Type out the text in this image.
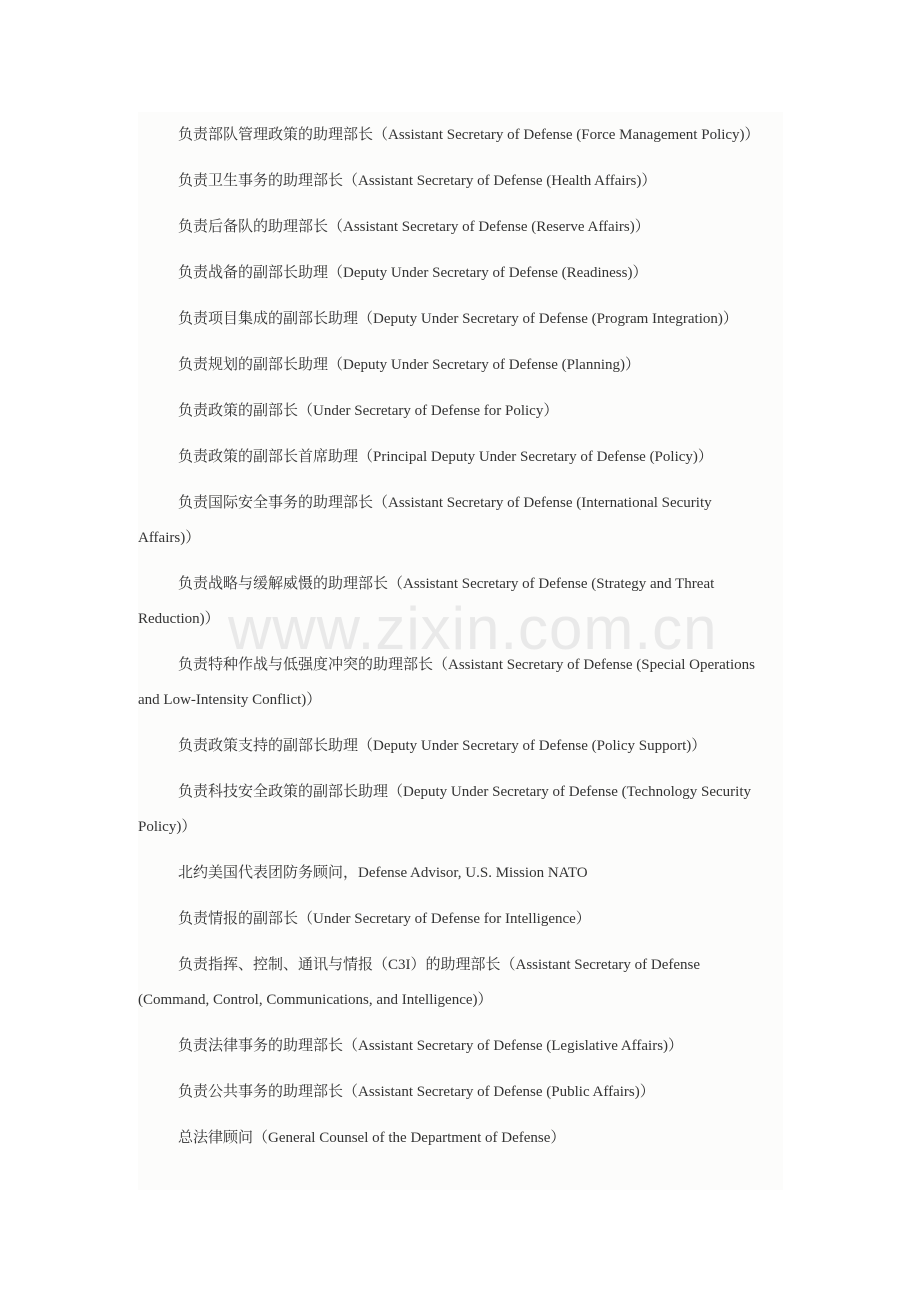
负责部队管理政策的助理部长（Assistant Secretary of Defense (Force Management Policy)）

负责卫生事务的助理部长（Assistant Secretary of Defense (Health Affairs)）

负责后备队的助理部长（Assistant Secretary of Defense (Reserve Affairs)）

负责战备的副部长助理（Deputy Under Secretary of Defense (Readiness)）

负责项目集成的副部长助理（Deputy Under Secretary of Defense (Program Integration)）

负责规划的副部长助理（Deputy Under Secretary of Defense (Planning)）

负责政策的副部长（Under Secretary of Defense for Policy）

负责政策的副部长首席助理（Principal Deputy Under Secretary of Defense (Policy)）

负责国际安全事务的助理部长（Assistant Secretary of Defense (International Security Affairs)）

负责战略与缓解威慑的助理部长（Assistant Secretary of Defense (Strategy and Threat Reduction)）

负责特种作战与低强度冲突的助理部长（Assistant Secretary of Defense (Special Operations and Low-Intensity Conflict)）

负责政策支持的副部长助理（Deputy Under Secretary of Defense (Policy Support)）

负责科技安全政策的副部长助理（Deputy Under Secretary of Defense (Technology Security Policy)）

北约美国代表团防务顾问，Defense Advisor, U.S. Mission NATO

负责情报的副部长（Under Secretary of Defense for Intelligence）

负责指挥、控制、通讯与情报（C3I）的助理部长（Assistant Secretary of Defense (Command, Control, Communications, and Intelligence)）

负责法律事务的助理部长（Assistant Secretary of Defense (Legislative Affairs)）

负责公共事务的助理部长（Assistant Secretary of Defense (Public Affairs)）

总法律顾问（General Counsel of the Department of Defense）

www.zixin.com.cn
